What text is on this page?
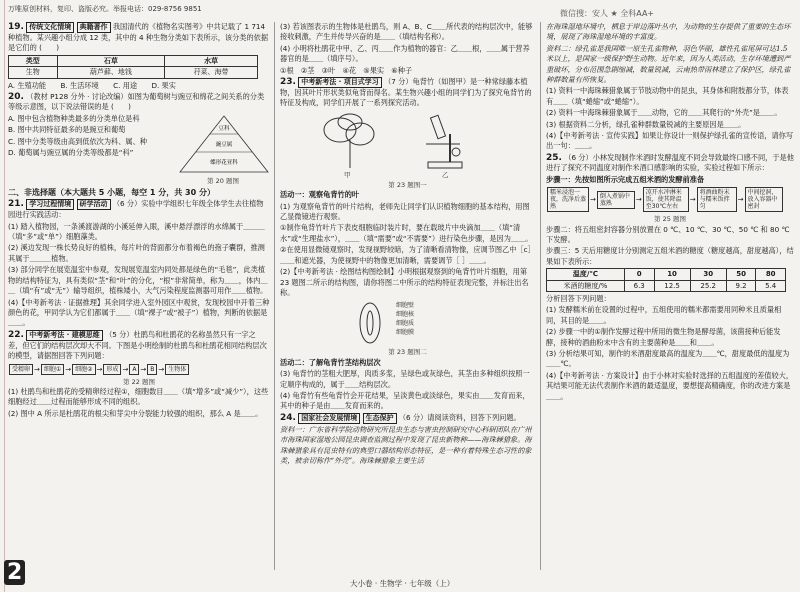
万唯原创材料，复印、盗版必究。举报电话：029-8756 9851	微信搜：安人 ★ 全科AA+

19. 传统文化情境 典籍著作 我国清代的《植物名实图考》中共记载了 1 714 种植物。某兴趣小组分成 12 类，其中的 4 种生物分类如下表所示，该分类的依据是它们的 (　　)

类型	石草	水草
生物	葫芦藓、地钱	荇菜、海带

A. 生殖功能　　B. 生活环境　　C. 用途　　D. 果实

20. （教材 P128 分外 · 讨论改编）如图为葡萄树与豌豆和绵花之间关系的分类等级示意图，以下说法错误的是 (　　)

A. 图中包含植物种类最多的分类单位是科

B. 图中共同特征最多的是豌豆和葡萄

C. 图中分类等级由高到低依次为科、属、种

D. 葡萄属与豌豆属的分类等级都是“科”

豆科
豌豆属
蝶形花亚科
第 20 题图

二、非选择题（本大题共 5 小题，每空 1 分，共 30 分）

21. 学习过程情境 研学活动 （6 分）实验中学组织七年级全体学生去往植物园进行实践活动：

(1) 踏入植物园，一条溪渡游湖的小溪延伸入眼，溪中悬浮漂浮的水绵属于＿＿＿（填“多”或“单”）细胞藻类。

(2) 溪边发现一株长势良好的植株，每片叶的背面都分布着褐色的孢子囊群，推测其属于＿＿＿植物。

(3) 部分同学在展览温室中参观，发现展览温室内同处都是绿色的“毛毯”，此类植物的结构特征为，具有类似“茎”和“叶”的分化，“根”非常简单，称为＿＿，体内＿＿（填“有”或“无”）输导组织，植株矮小，大气污染程度监测器可用作＿＿植物。

(4)【中考新考法 · 证据推理】其余同学进入室外园区中观赏，发现校园中开着三种颜色的花，甲同学认为它们都属于＿＿（填“裸子”或“被子”）植物，判断的依据是＿＿。

22. 中考新考法 · 建模思维 （5 分）杜鹃鸟和杜鹃花的名称虽然只有一字之差，但它们的结构层次却大不同。下图是小明绘制的杜鹃鸟和杜鹃花相同结构层次的模型，请据图回答下列问题：

受精卵 → 细胞① → 细胞② → 形成 → A → B → 生物体
第 22 题图

(1) 杜鹃鸟和杜鹃花的受精卵经过程①，细胞数目＿＿（填“增多”或“减少”），这些细胞经过＿＿过程而能够形成不同的组织。

(2) 图中 A 所示是杜鹃花的根尖和芽尖中分裂能力较强的组织，那么 A 是＿＿。

(3) 若该图表示的生物体是杜鹃鸟，则 A、B、C＿＿所代表的结构层次中，能够接收刺激，产生并传导兴奋的是＿＿（填结构名称）。

(4) 小明将杜鹃花中甲、乙、丙＿＿作为植物的器官：乙＿＿根，＿＿属于营养器官的是＿＿（填序号）。

①根　②茎　③叶　④花　⑤果实　⑥种子

23. 中考新考法 · 项目式学习 （7 分）龟背竹（如图甲）是一种常绿藤本植物，因其叶片形状类似龟背而得名。某生物兴趣小组的同学们为了探究龟背竹的特征及构成，同学们开展了一系列探究活动。

甲	乙
第 23 题图一

活动一：观察龟背竹的叶

(1) 为观察龟背竹的叶片结构，老师先让同学们认识植物细胞的基本结构，用图乙显微镜进行观察。

①制作龟背竹叶片下表皮细胞临时装片时，要在载玻片中央滴加＿＿（填“清水”或“生理盐水”），＿＿（填“需要”或“不需要”）进行染色步骤，是因为＿＿。

②在使用显微镜观察时，发现视野较暗，为了清晰看清物像，应调节图乙中［c］＿＿和遮光器，为使视野中的物像更加清晰，需要调节［ ］＿＿。

(2)【中考新考法 · 绘图结构图绘制】小明根据观察到的龟背竹叶片细胞，用第 23 题图二所示的结构图，请你将图二中所示的结构特征表现完整，并标注出名称。

细胞壁
细胞核
细胞质
细胞膜
第 23 题图二

活动二：了解龟背竹茎结构层次

(3) 龟背竹的茎粗大肥厚，肉质多浆，呈绿色或灰绿色，其茎由多种组织按照一定顺序构成的，属于＿＿结构层次。

(4) 龟背竹有些龟背竹会开花结果，呈淡黄色或淡绿色，果实由＿＿发育而来，其中的种子是由＿＿发育而来的。

24. 国家社会发展情境 生态保护 （6 分）请阅读资料，回答下列问题。

资料一：广东省科学院动物研究所昆虫生态与害虫控制研究中心科研团队在广州市海珠国家湿地公园昆虫调查监测过程中发现了昆虫新物种——海珠棘猎象。海珠棘猎象具有昆虫特有的典型口器结构形态特征，是一种有着特殊生态习性的象类，被亲切称作“外壳”。海珠棘猎象主要生活

在海珠湿地环境中，栖息于岸边落叶丛中，为动物的生存提供了重要的生态环境，展现了海珠湿地环境的丰富度。

资料二：绿孔雀是我国唯一原生孔雀物种，羽色华丽，雄性孔雀尾屏可达1.5米以上，是国家一级保护野生动物。近年来，因为人类活动，生存环境遭到严重破坏，分布范围急剧缩减，数量锐减，云南热带雨林建立了保护区，绿孔雀种群数量有所恢复。

(1) 资料一中海珠棘猎象属于节肢动物中的昆虫，其身体和附肢都分节，体表有＿＿（填“蜷缩”或“蜷缩”）。

(2) 资料一中海珠棘猎象属于＿＿动物，它的＿＿其爬行的“外壳”是＿＿。

(3) 根据资料二分析，绿孔雀种群数量锐减的主要原因是＿＿。

(4)【中考新考法 · 宣传实践】如果让你设计一则保护绿孔雀的宣传语，请你写出一句：＿＿。

25. （6 分）小林发现制作米酒时发酵温度不同会导致最终口感不同，于是他进行了探究不同温度对制作米酒口感影响的实验，实验过程如下所示：

步骤一：先按如图所示完成五组米酒的发酵前准备

糯米浸泡一夜，洗净后蒸熟→ 倒入煮锅中蒸熟	→凉开水冲淋米饭，使其降温至30℃左右→将酒曲粉末与糯米饭拌匀→中间挖洞，放入容器中密封
第 25 题图

步骤二：将五组密封容器分别放置在 0 ℃、10 ℃、30 ℃、50 ℃ 和 80 ℃ 下发酵。

步骤三：5 天后用糖度计分别测定五组米酒的糖度（糖度越高，甜度越高），结果如下表所示：

温度/℃	0	10	30	50	80
米酒的糖度/%	6.3	12.5	25.2	9.2	5.4

分析回答下列问题：

(1) 发酵糯米前在设置的过程中，五组使用的糯米都需要用同种米且质量相同，其目的是＿＿。

(2) 步骤一中的①制作发酵过程中所用的微生物是酵母菌，该菌接种后能发酵，接种的酒曲粉末中含有的主要菌种是＿＿和＿＿。

(3) 分析结果可知，制作的米酒甜度最高的温度为＿＿℃，甜度最低的温度为＿＿℃。

(4)【中考新考法 · 方案设计】由于小林对实验时选择的五组温度的差值较大，其结果可能无法代表制作米酒的最适温度，要想提高精确度，你的改进方案是＿＿。

2	大小卷 · 生物学 · 七年级（上）
